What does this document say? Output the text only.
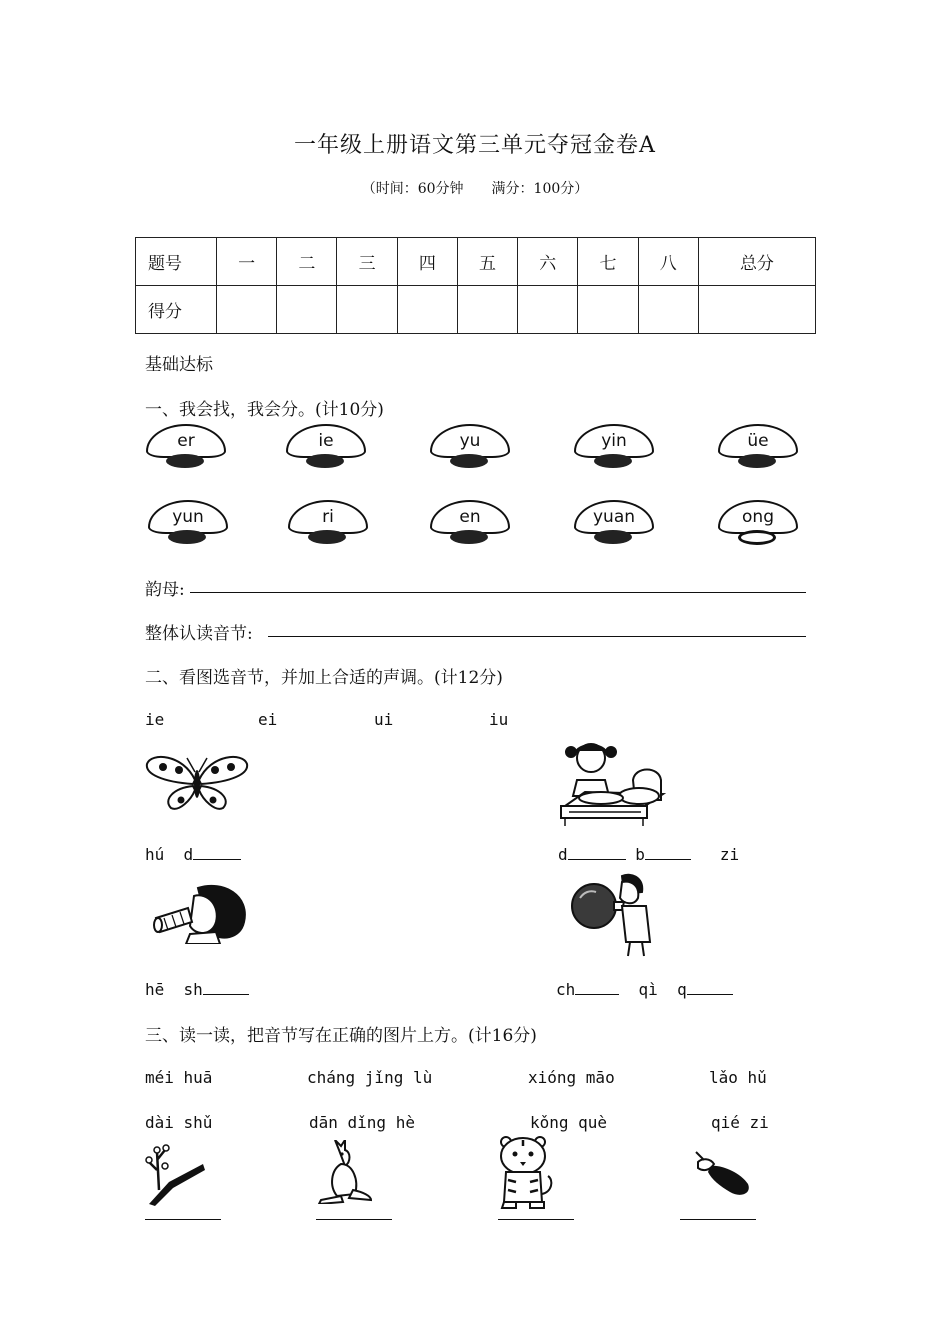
一年级上册语文第三单元夺冠金卷A
（时间：60分钟　　满分：100分）
题号	一	二	三	四	五	六	七	八	总分
得分									
基础达标
一、我会找，我会分。(计10分)
er	ie	yu	yin	üe
yun	ri	en	yuan	ong
韵母:
整体认读音节:
二、看图选音节，并加上合适的声调。(计12分)
ie	ei	ui	iu
hú d	d	b	zi
hē sh	ch	qì q
三、读一读，把音节写在正确的图片上方。(计16分)
méi huā	cháng jǐng lù	xióng māo	lǎo hǔ
dài shǔ	dān dǐng hè	kǒng què	qié zi
